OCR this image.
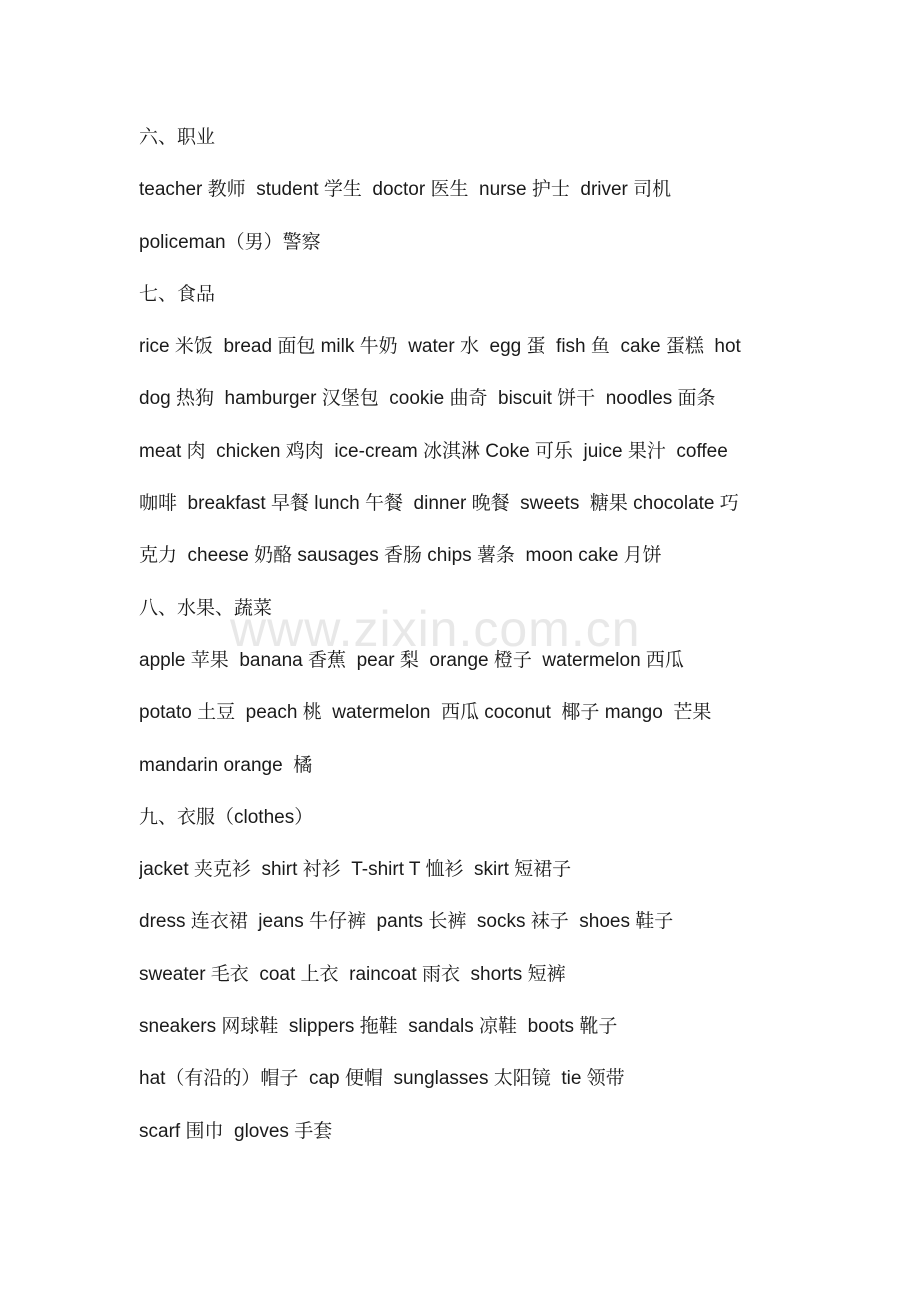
六、职业
teacher 教师  student 学生  doctor 医生  nurse 护士  driver 司机
policeman（男）警察
七、食品
rice 米饭  bread 面包 milk 牛奶  water 水  egg 蛋  fish 鱼  cake 蛋糕  hot
dog 热狗  hamburger 汉堡包  cookie 曲奇  biscuit 饼干  noodles 面条
meat 肉  chicken 鸡肉  ice-cream 冰淇淋 Coke 可乐  juice 果汁  coffee
咖啡  breakfast 早餐 lunch 午餐  dinner 晚餐  sweets  糖果 chocolate 巧
克力  cheese 奶酪 sausages 香肠 chips 薯条  moon cake 月饼
八、水果、蔬菜
apple 苹果  banana 香蕉  pear 梨  orange 橙子  watermelon 西瓜
potato 土豆  peach 桃  watermelon  西瓜 coconut  椰子 mango  芒果
mandarin orange  橘
九、衣服（clothes）
jacket 夹克衫  shirt 衬衫  T-shirt T 恤衫  skirt 短裙子
dress 连衣裙  jeans 牛仔裤  pants 长裤  socks 袜子  shoes 鞋子
sweater 毛衣  coat 上衣  raincoat 雨衣  shorts 短裤
sneakers 网球鞋  slippers 拖鞋  sandals 凉鞋  boots 靴子
hat（有沿的）帽子  cap 便帽  sunglasses 太阳镜  tie 领带
scarf 围巾  gloves 手套
www.zixin.com.cn
